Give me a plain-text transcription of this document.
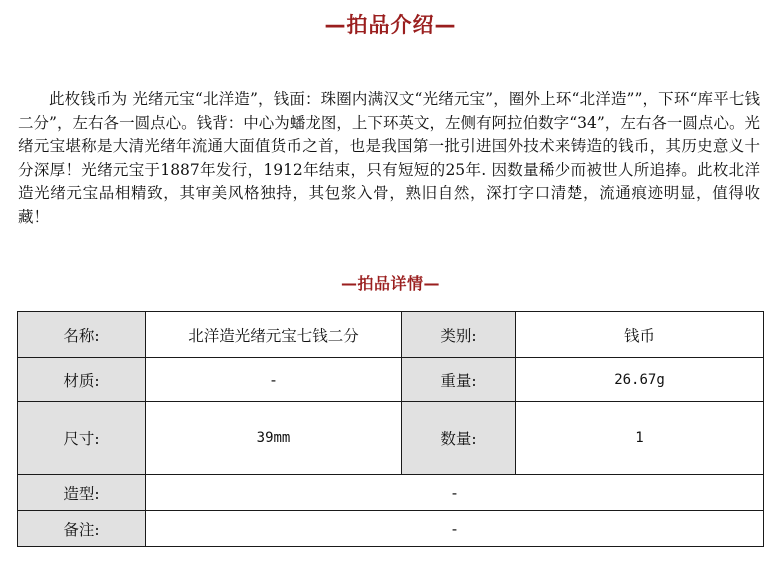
—拍品介绍—

此枚钱币为 光绪元宝“北洋造”，钱面：珠圈内满汉文“光绪元宝”，圈外上环“北洋造””，下环“库平七钱二分”，左右各一圆点心。钱背：中心为蟠龙图，上下环英文，左侧有阿拉伯数字“34”，左右各一圆点心。光绪元宝堪称是大清光绪年流通大面值货币之首，也是我国第一批引进国外技术来铸造的钱币，其历史意义十分深厚！光绪元宝于1887年发行，1912年结束，只有短短的25年. 因数量稀少而被世人所追捧。此枚北洋造光绪元宝品相精致，其审美风格独持，其包浆入骨，熟旧自然，深打字口清楚，流通痕迹明显，值得收藏！

—拍品详情—
名称:	北洋造光绪元宝七钱二分	类别:	钱币
材质:	-	重量:	26.67g
尺寸:	39mm	数量:	1
造型:	-		
备注:	-		
